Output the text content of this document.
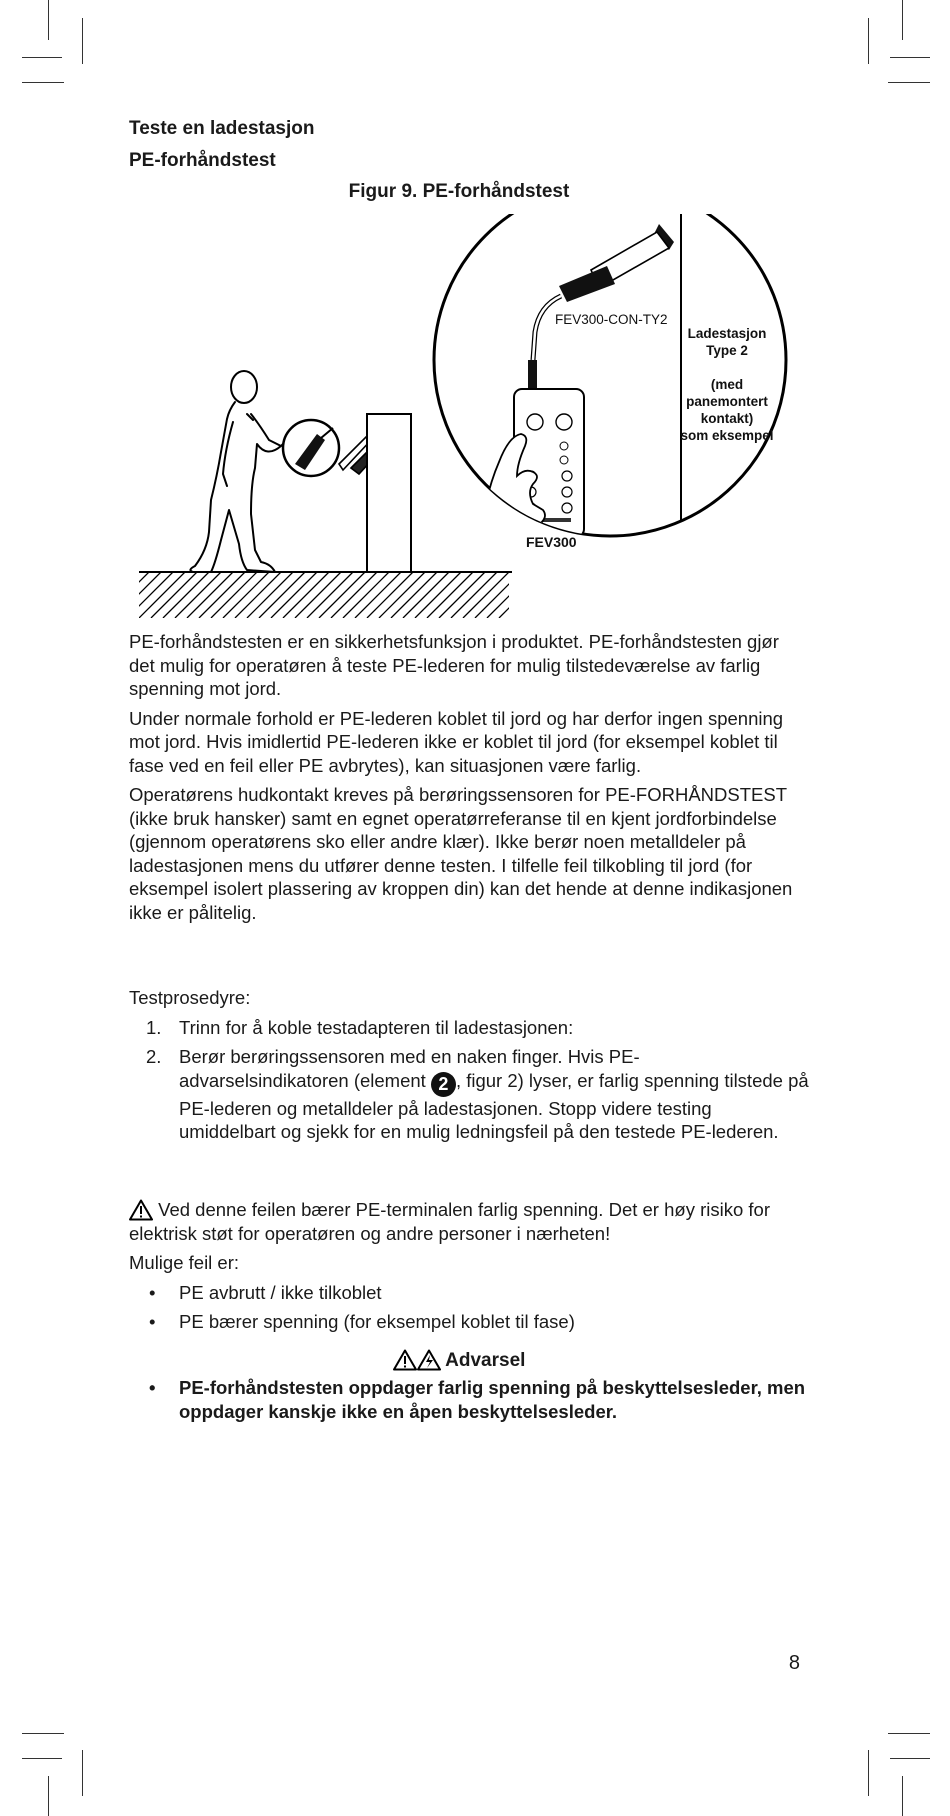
Teste en ladestasjon
PE-forhåndstest
Figur 9. PE-forhåndstest
FEV300-CON-TY2
Ladestasjon
Type 2
(med
panemontert
kontakt)
som eksempel
FEV300

PE-forhåndstesten er en sikkerhetsfunksjon i produktet. PE-forhåndstesten gjør det mulig for operatøren å teste PE-lederen for mulig tilstedeværelse av farlig spenning mot jord.

Under normale forhold er PE-lederen koblet til jord og har derfor ingen spenning mot jord. Hvis imidlertid PE-lederen ikke er koblet til jord (for eksempel koblet til fase ved en feil eller PE avbrytes), kan situasjonen være farlig.

Operatørens hudkontakt kreves på berøringssensoren for PE-FORHÅNDSTEST (ikke bruk hansker) samt en egnet operatørreferanse til en kjent jordforbindelse (gjennom operatørens sko eller andre klær). Ikke berør noen metalldeler på ladestasjonen mens du utfører denne testen. I tilfelle feil tilkobling til jord (for eksempel isolert plassering av kroppen din) kan det hende at denne indikasjonen ikke er pålitelig.

Testprosedyre:

1. Trinn for å koble testadapteren til ladestasjonen:
2. Berør berøringssensoren med en naken finger. Hvis PE-advarselsindikatoren (element 2 , figur 2) lyser, er farlig spenning tilstede på PE-lederen og metalldeler på ladestasjonen. Stopp videre testing umiddelbart og sjekk for en mulig ledningsfeil på den testede PE-lederen.

Ved denne feilen bærer PE-terminalen farlig spenning. Det er høy risiko for elektrisk støt for operatøren og andre personer i nærheten!

Mulige feil er:

• PE avbrutt / ikke tilkoblet
• PE bærer spenning (for eksempel koblet til fase)
Advarsel
• PE-forhåndstesten oppdager farlig spenning på beskyttelsesleder, men oppdager kanskje ikke en åpen beskyttelsesleder.
8
